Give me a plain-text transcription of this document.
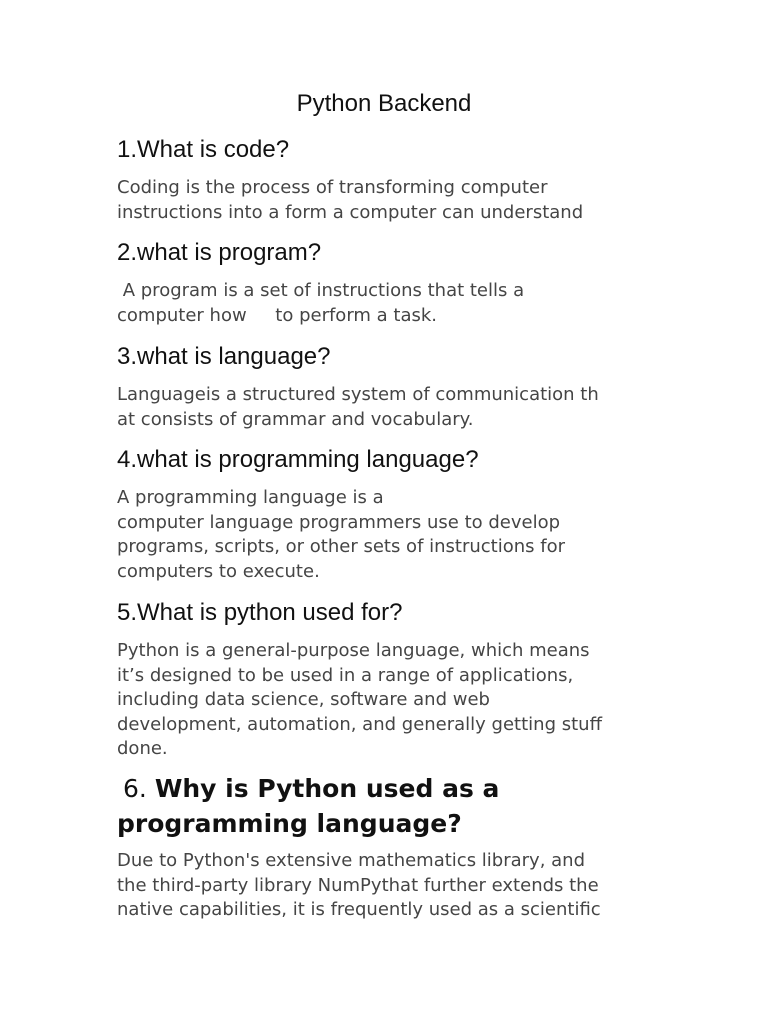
Python Backend
1.What is code?

Coding is the process of transforming computer
instructions into a form a computer can understand

2.what is program?

A program is a set of instructions that tells a
computer how     to perform a task.

3.what is language?

Languageis a structured system of communication th
at consists of grammar and vocabulary.

4.what is programming language?

A programming language is a
computer language programmers use to develop
programs, scripts, or other sets of instructions for
computers to execute.

5.What is python used for?

Python is a general-purpose language, which means
it’s designed to be used in a range of applications,
including data science, software and web
development, automation, and generally getting stuff
done.

6. Why is Python used as a
programming language?

Due to Python's extensive mathematics library, and
the third-party library NumPythat further extends the
native capabilities, it is frequently used as a scientific
